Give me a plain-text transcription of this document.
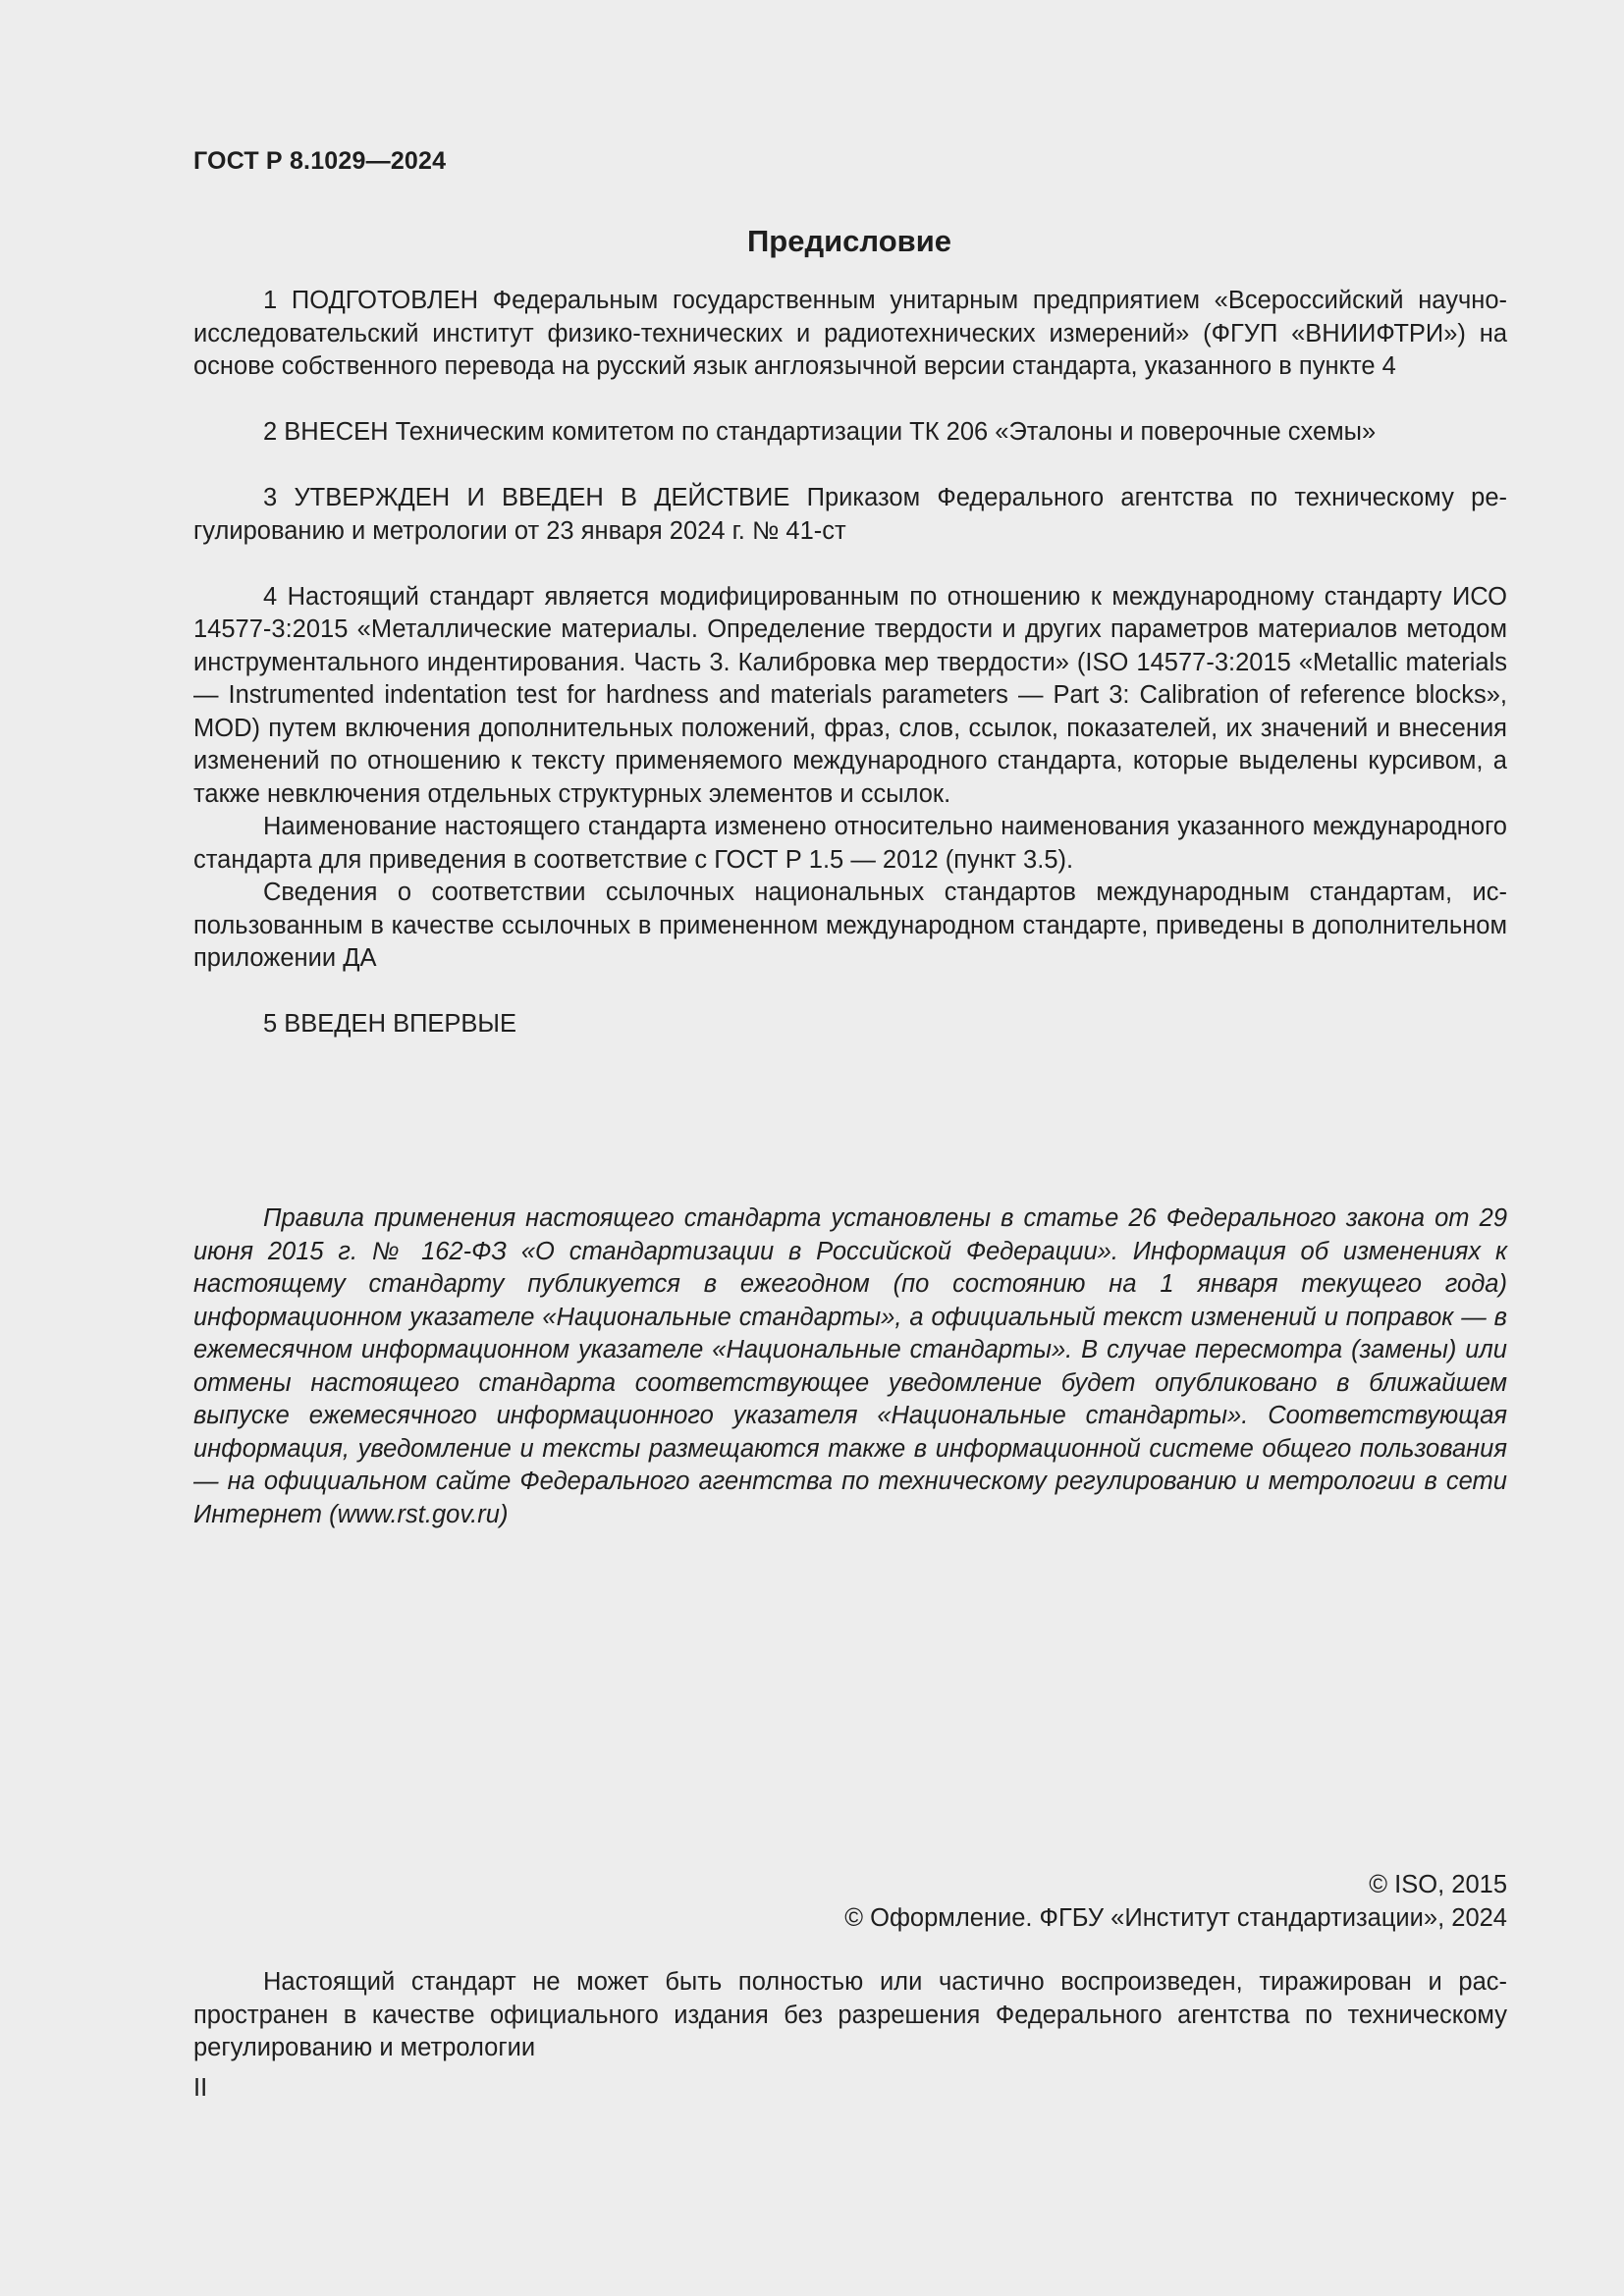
ГОСТ Р 8.1029—2024
Предисловие

1 ПОДГОТОВЛЕН Федеральным государственным унитарным предприятием «Всероссийский научно-исследовательский институт физико-технических и радиотехнических измерений» (ФГУП «ВНИИФТРИ») на основе собственного перевода на русский язык англоязычной версии стандарта, указанного в пункте 4

2 ВНЕСЕН Техническим комитетом по стандартизации ТК 206 «Эталоны и поверочные схемы»

3 УТВЕРЖДЕН И ВВЕДЕН В ДЕЙСТВИЕ Приказом Федерального агентства по техническому регулированию и метрологии от 23 января 2024 г. № 41-ст

4 Настоящий стандарт является модифицированным по отношению к международному стандарту ИСО 14577-3:2015 «Металлические материалы. Определение твердости и других параметров материалов методом инструментального индентирования. Часть 3. Калибровка мер твердости» (ISO 14577-3:2015 «Metallic materials — Instrumented indentation test for hardness and materials parameters — Part 3: Calibration of reference blocks», MOD) путем включения дополнительных положений, фраз, слов, ссылок, показателей, их значений и внесения изменений по отношению к тексту применяемого международного стандарта, которые выделены курсивом, а также невключения отдельных структурных элементов и ссылок.

Наименование настоящего стандарта изменено относительно наименования указанного международного стандарта для приведения в соответствие с ГОСТ Р 1.5 — 2012 (пункт 3.5).

Сведения о соответствии ссылочных национальных стандартов международным стандартам, использованным в качестве ссылочных в примененном международном стандарте, приведены в дополнительном приложении ДА

5 ВВЕДЕН ВПЕРВЫЕ

Правила применения настоящего стандарта установлены в статье 26 Федерального закона от 29 июня 2015 г. № 162-ФЗ «О стандартизации в Российской Федерации». Информация об изменениях к настоящему стандарту публикуется в ежегодном (по состоянию на 1 января текущего года) информационном указателе «Национальные стандарты», а официальный текст изменений и поправок — в ежемесячном информационном указателе «Национальные стандарты». В случае пересмотра (замены) или отмены настоящего стандарта соответствующее уведомление будет опубликовано в ближайшем выпуске ежемесячного информационного указателя «Национальные стандарты». Соответствующая информация, уведомление и тексты размещаются также в информационной системе общего пользования — на официальном сайте Федерального агентства по техническому регулированию и метрологии в сети Интернет (www.rst.gov.ru)

© ISO, 2015
© Оформление. ФГБУ «Институт стандартизации», 2024

Настоящий стандарт не может быть полностью или частично воспроизведен, тиражирован и распространен в качестве официального издания без разрешения Федерального агентства по техническому регулированию и метрологии

II
